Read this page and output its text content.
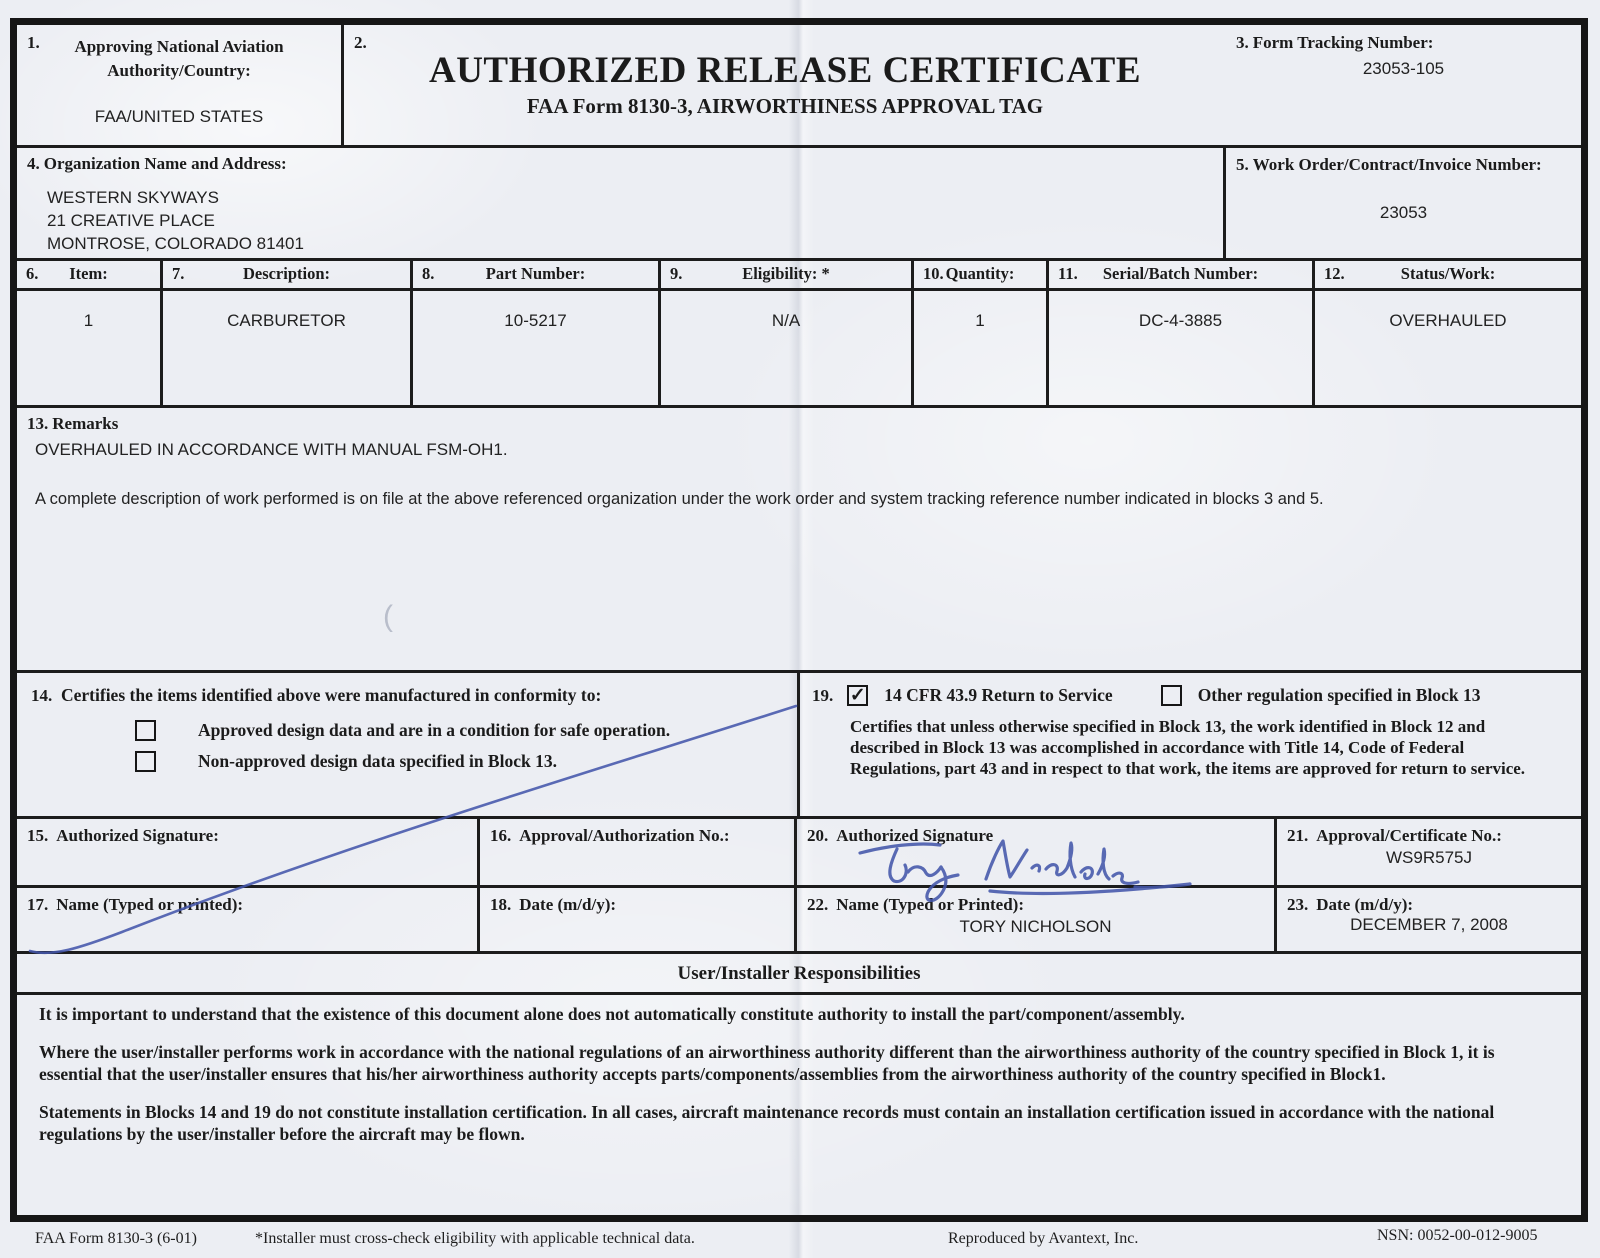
1.	Approving National Aviation
Authority/Country:
FAA/UNITED STATES
2.
AUTHORIZED RELEASE CERTIFICATE
FAA Form 8130-3, AIRWORTHINESS APPROVAL TAG
3. Form Tracking Number:
23053-105
4. Organization Name and Address:
WESTERN SKYWAYS
21 CREATIVE PLACE
MONTROSE, COLORADO 81401
5. Work Order/Contract/Invoice Number:
23053
6.	Item:	7.	Description:	8.	Part Number:	9.	Eligibility: *	10. Quantity:	11.	Serial/Batch Number:	12.	Status/Work:
1	CARBURETOR	10-5217	N/A	1	DC-4-3885	OVERHAULED
13. Remarks
OVERHAULED IN ACCORDANCE WITH MANUAL FSM-OH1.
A complete description of work performed is on file at the above referenced organization under the work order and system tracking reference number indicated in blocks 3 and 5.
(
14. Certifies the items identified above were manufactured in conformity to:
Approved design data and are in a condition for safe operation.
Non-approved design data specified in Block 13.
19. ✓ 14 CFR 43.9 Return to Service	Other regulation specified in Block 13
Certifies that unless otherwise specified in Block 13, the work identified in Block 12 and described in Block 13 was accomplished in accordance with Title 14, Code of Federal Regulations, part 43 and in respect to that work, the items are approved for return to service.
15. Authorized Signature:	16. Approval/Authorization No.:	20. Authorized Signature	21. Approval/Certificate No.:
WS9R575J
17. Name (Typed or printed):	18. Date (m/d/y):	22. Name (Typed or Printed):
TORY NICHOLSON
23. Date (m/d/y):
DECEMBER 7, 2008
User/Installer Responsibilities

It is important to understand that the existence of this document alone does not automatically constitute authority to install the part/component/assembly.

Where the user/installer performs work in accordance with the national regulations of an airworthiness authority different than the airworthiness authority of the country specified in Block 1, it is essential that the user/installer ensures that his/her airworthiness authority accepts parts/components/assemblies from the airworthiness authority of the country specified in Block1.

Statements in Blocks 14 and 19 do not constitute installation certification. In all cases, aircraft maintenance records must contain an installation certification issued in accordance with the national regulations by the user/installer before the aircraft may be flown.

FAA Form 8130-3 (6-01)	*Installer must cross-check eligibility with applicable technical data.	Reproduced by Avantext, Inc.	NSN: 0052-00-012-9005
